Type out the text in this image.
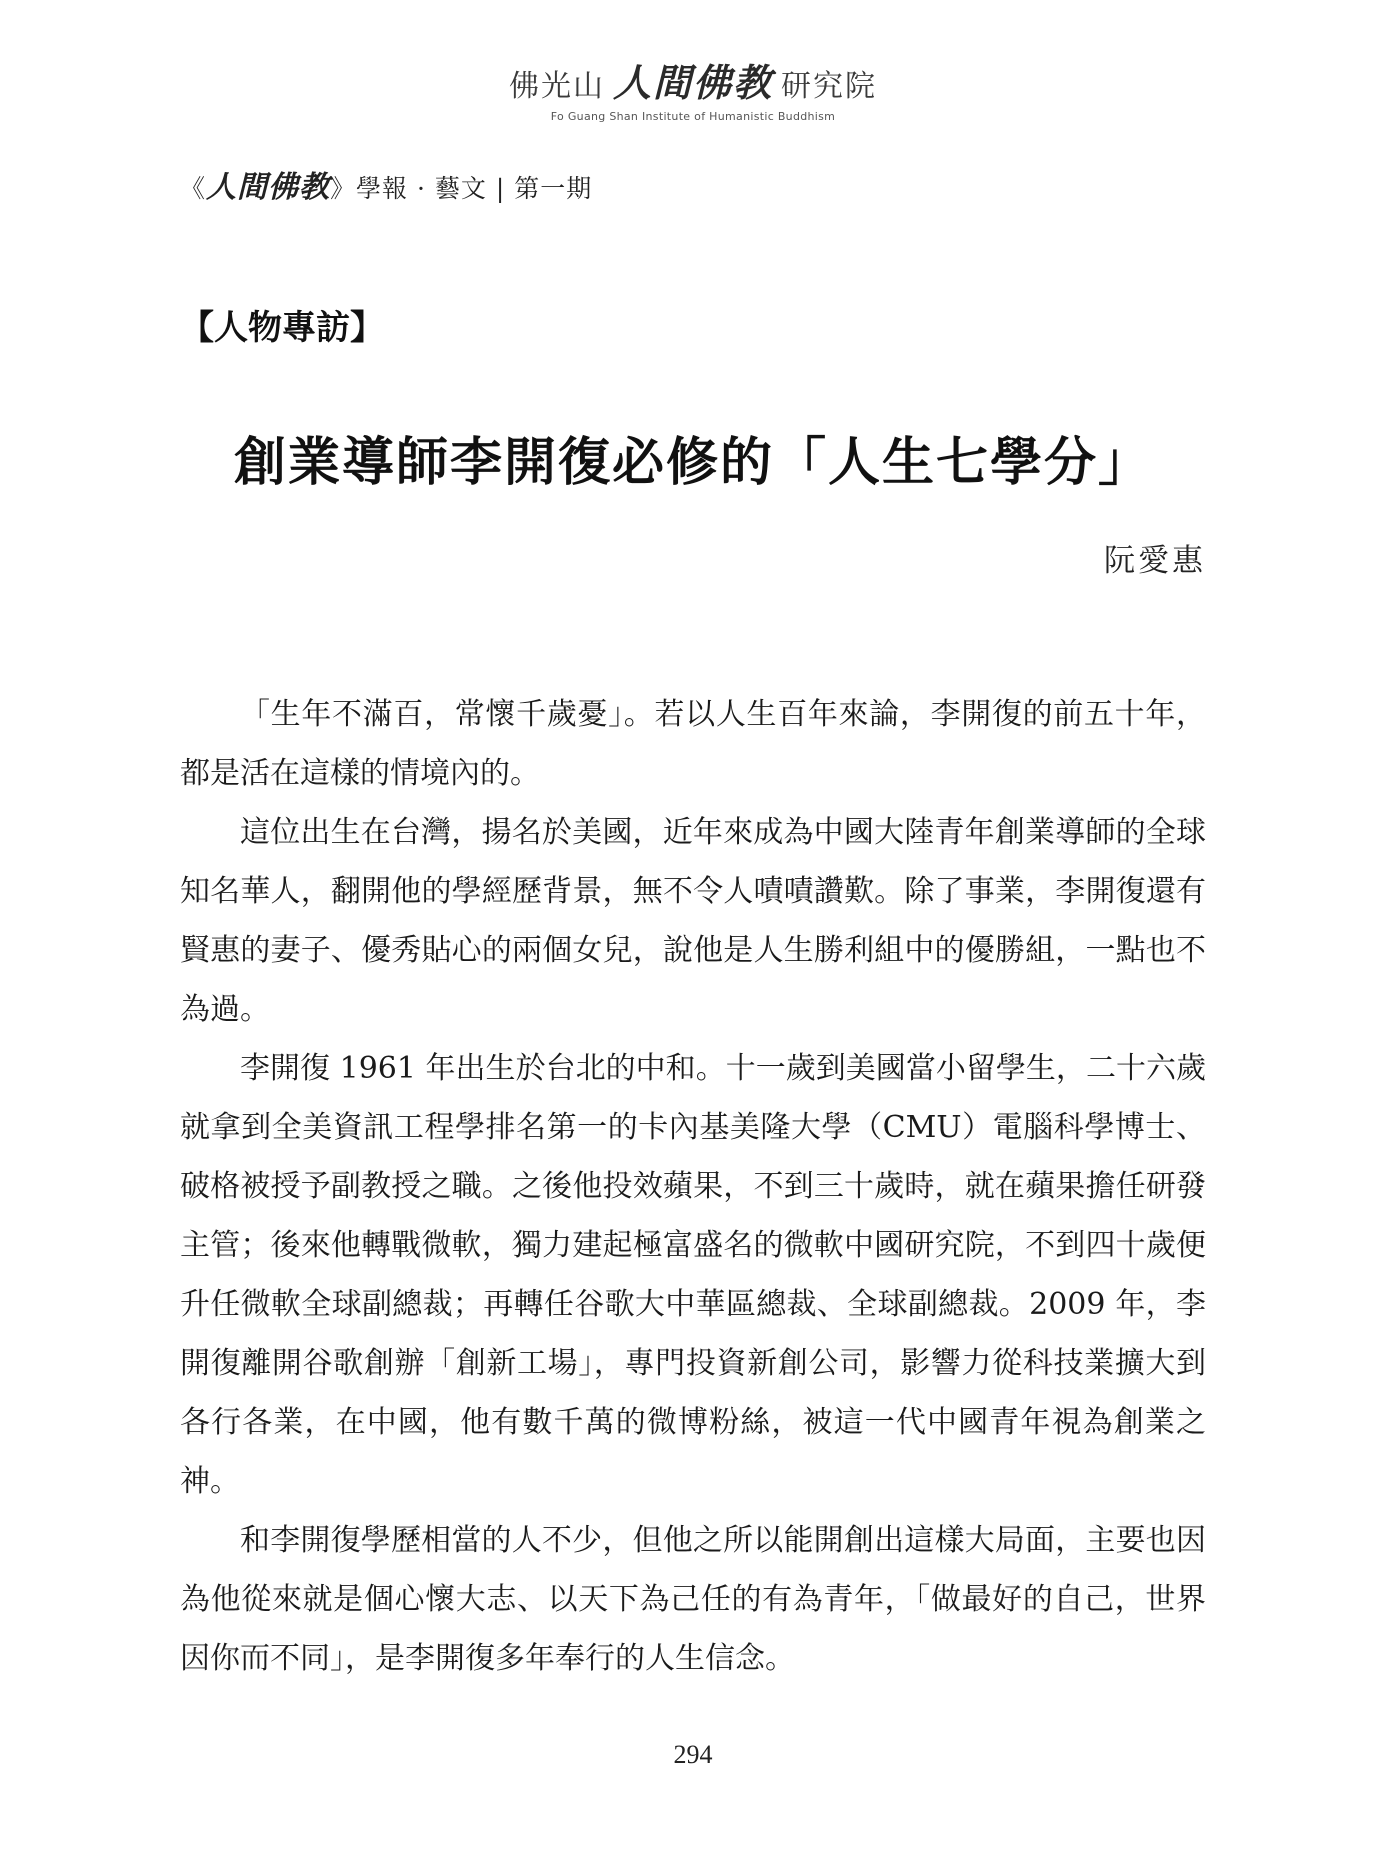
佛光山 人間佛教 研究院
Fo Guang Shan Institute of Humanistic Buddhism
《人間佛教》學報 · 藝文 | 第一期
【人物專訪】
創業導師李開復必修的「人生七學分」
阮愛惠

「生年不滿百，常懷千歲憂」。若以人生百年來論，李開復的前五十年，都是活在這樣的情境內的。

這位出生在台灣，揚名於美國，近年來成為中國大陸青年創業導師的全球知名華人，翻開他的學經歷背景，無不令人嘖嘖讚歎。除了事業，李開復還有賢惠的妻子、優秀貼心的兩個女兒，說他是人生勝利組中的優勝組，一點也不為過。

李開復 1961 年出生於台北的中和。十一歲到美國當小留學生，二十六歲就拿到全美資訊工程學排名第一的卡內基美隆大學（CMU）電腦科學博士、破格被授予副教授之職。之後他投效蘋果，不到三十歲時，就在蘋果擔任研發主管；後來他轉戰微軟，獨力建起極富盛名的微軟中國研究院，不到四十歲便升任微軟全球副總裁；再轉任谷歌大中華區總裁、全球副總裁。2009 年，李開復離開谷歌創辦「創新工場」，專門投資新創公司，影響力從科技業擴大到各行各業，在中國，他有數千萬的微博粉絲，被這一代中國青年視為創業之神。

和李開復學歷相當的人不少，但他之所以能開創出這樣大局面，主要也因為他從來就是個心懷大志、以天下為己任的有為青年，「做最好的自己，世界因你而不同」，是李開復多年奉行的人生信念。

294
